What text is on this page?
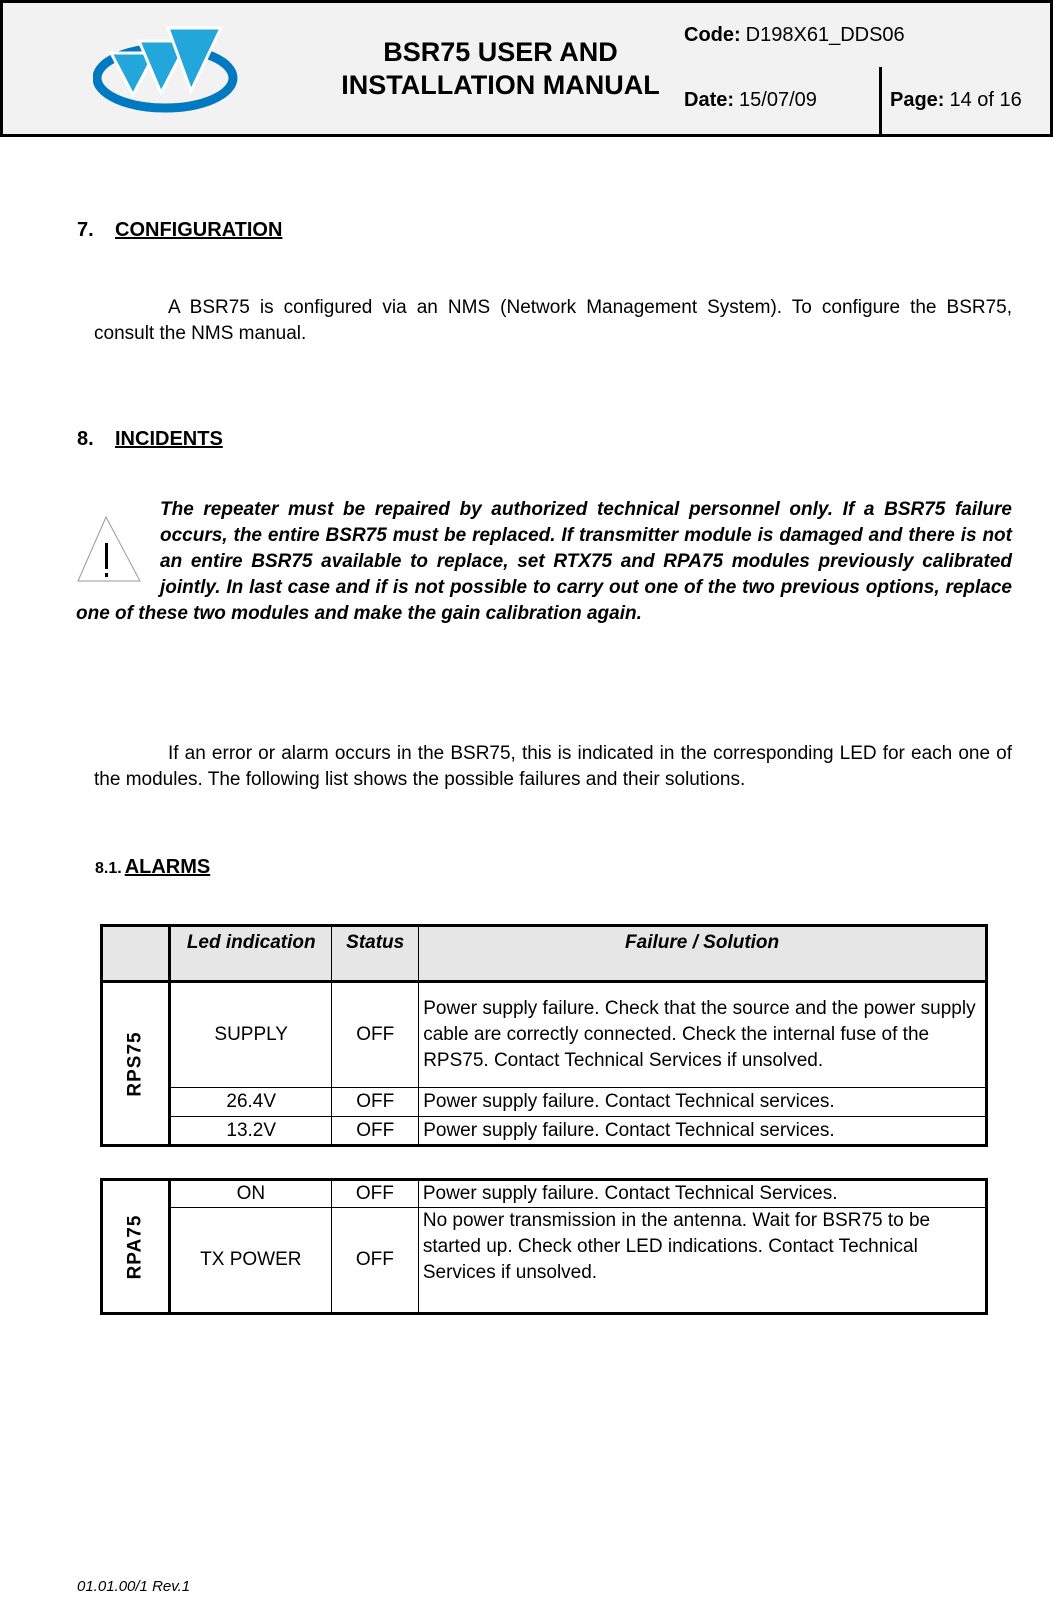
BSR75 USER AND INSTALLATION MANUAL
Code: D198X61_DDS06
Date: 15/07/09	Page: 14 of 16
7. CONFIGURATION
A BSR75 is configured via an NMS (Network Management System). To configure the BSR75, consult the NMS manual.
8. INCIDENTS
The repeater must be repaired by authorized technical personnel only. If a BSR75 failure occurs, the entire BSR75 must be replaced. If transmitter module is damaged and there is not an entire BSR75 available to replace, set RTX75 and RPA75 modules previously calibrated jointly. In last case and if is not possible to carry out one of the two previous options, replace one of these two modules and make the gain calibration again.
If an error or alarm occurs in the BSR75, this is indicated in the corresponding LED for each one of the modules. The following list shows the possible failures and their solutions.
8.1. ALARMS
	Led indication	Status	Failure / Solution
RPS75	SUPPLY	OFF	Power supply failure. Check that the source and the power supply cable are correctly connected. Check the internal fuse of the RPS75. Contact Technical Services if unsolved.
	26.4V	OFF	Power supply failure. Contact Technical services.
	13.2V	OFF	Power supply failure. Contact Technical services.
RPA75	ON	OFF	Power supply failure. Contact Technical Services.
	TX POWER	OFF	No power transmission in the antenna. Wait for BSR75 to be started up. Check other LED indications. Contact Technical Services if unsolved.
01.01.00/1 Rev.1
